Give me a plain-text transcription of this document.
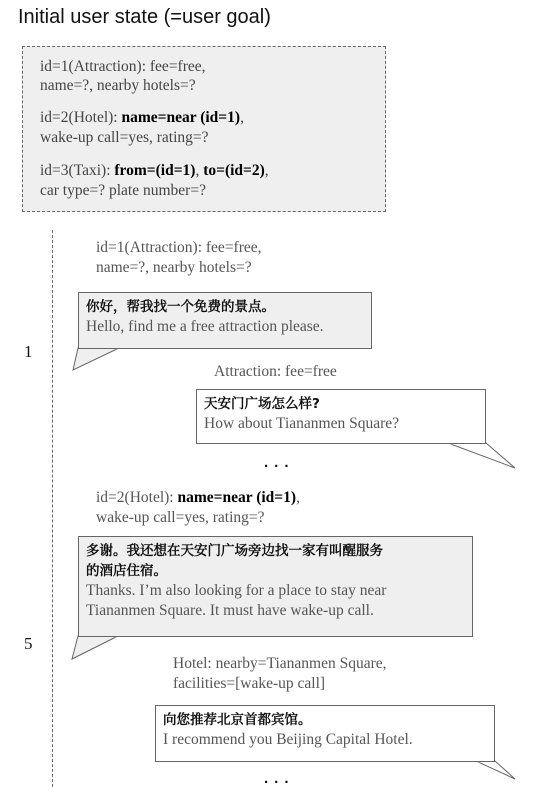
Initial user state (=user goal)
id=1(Attraction): fee=free,
name=?, nearby hotels=?
id=2(Hotel): name=near (id=1),
wake-up call=yes, rating=?
id=3(Taxi): from=(id=1), to=(id=2),
car type=? plate number=?
id=1(Attraction): fee=free,
name=?, nearby hotels=?
你好，帮我找一个免费的景点。
Hello, find me a free attraction please.
1
Attraction: fee=free
天安门广场怎么样?
How about Tiananmen Square?
...
id=2(Hotel): name=near (id=1),
wake-up call=yes, rating=?
多谢。我还想在天安门广场旁边找一家有叫醒服务
的酒店住宿。
Thanks. I’m also looking for a place to stay near
Tiananmen Square. It must have wake-up call.
5
Hotel: nearby=Tiananmen Square,
facilities=[wake-up call]
向您推荐北京首都宾馆。
I recommend you Beijing Capital Hotel.
...
